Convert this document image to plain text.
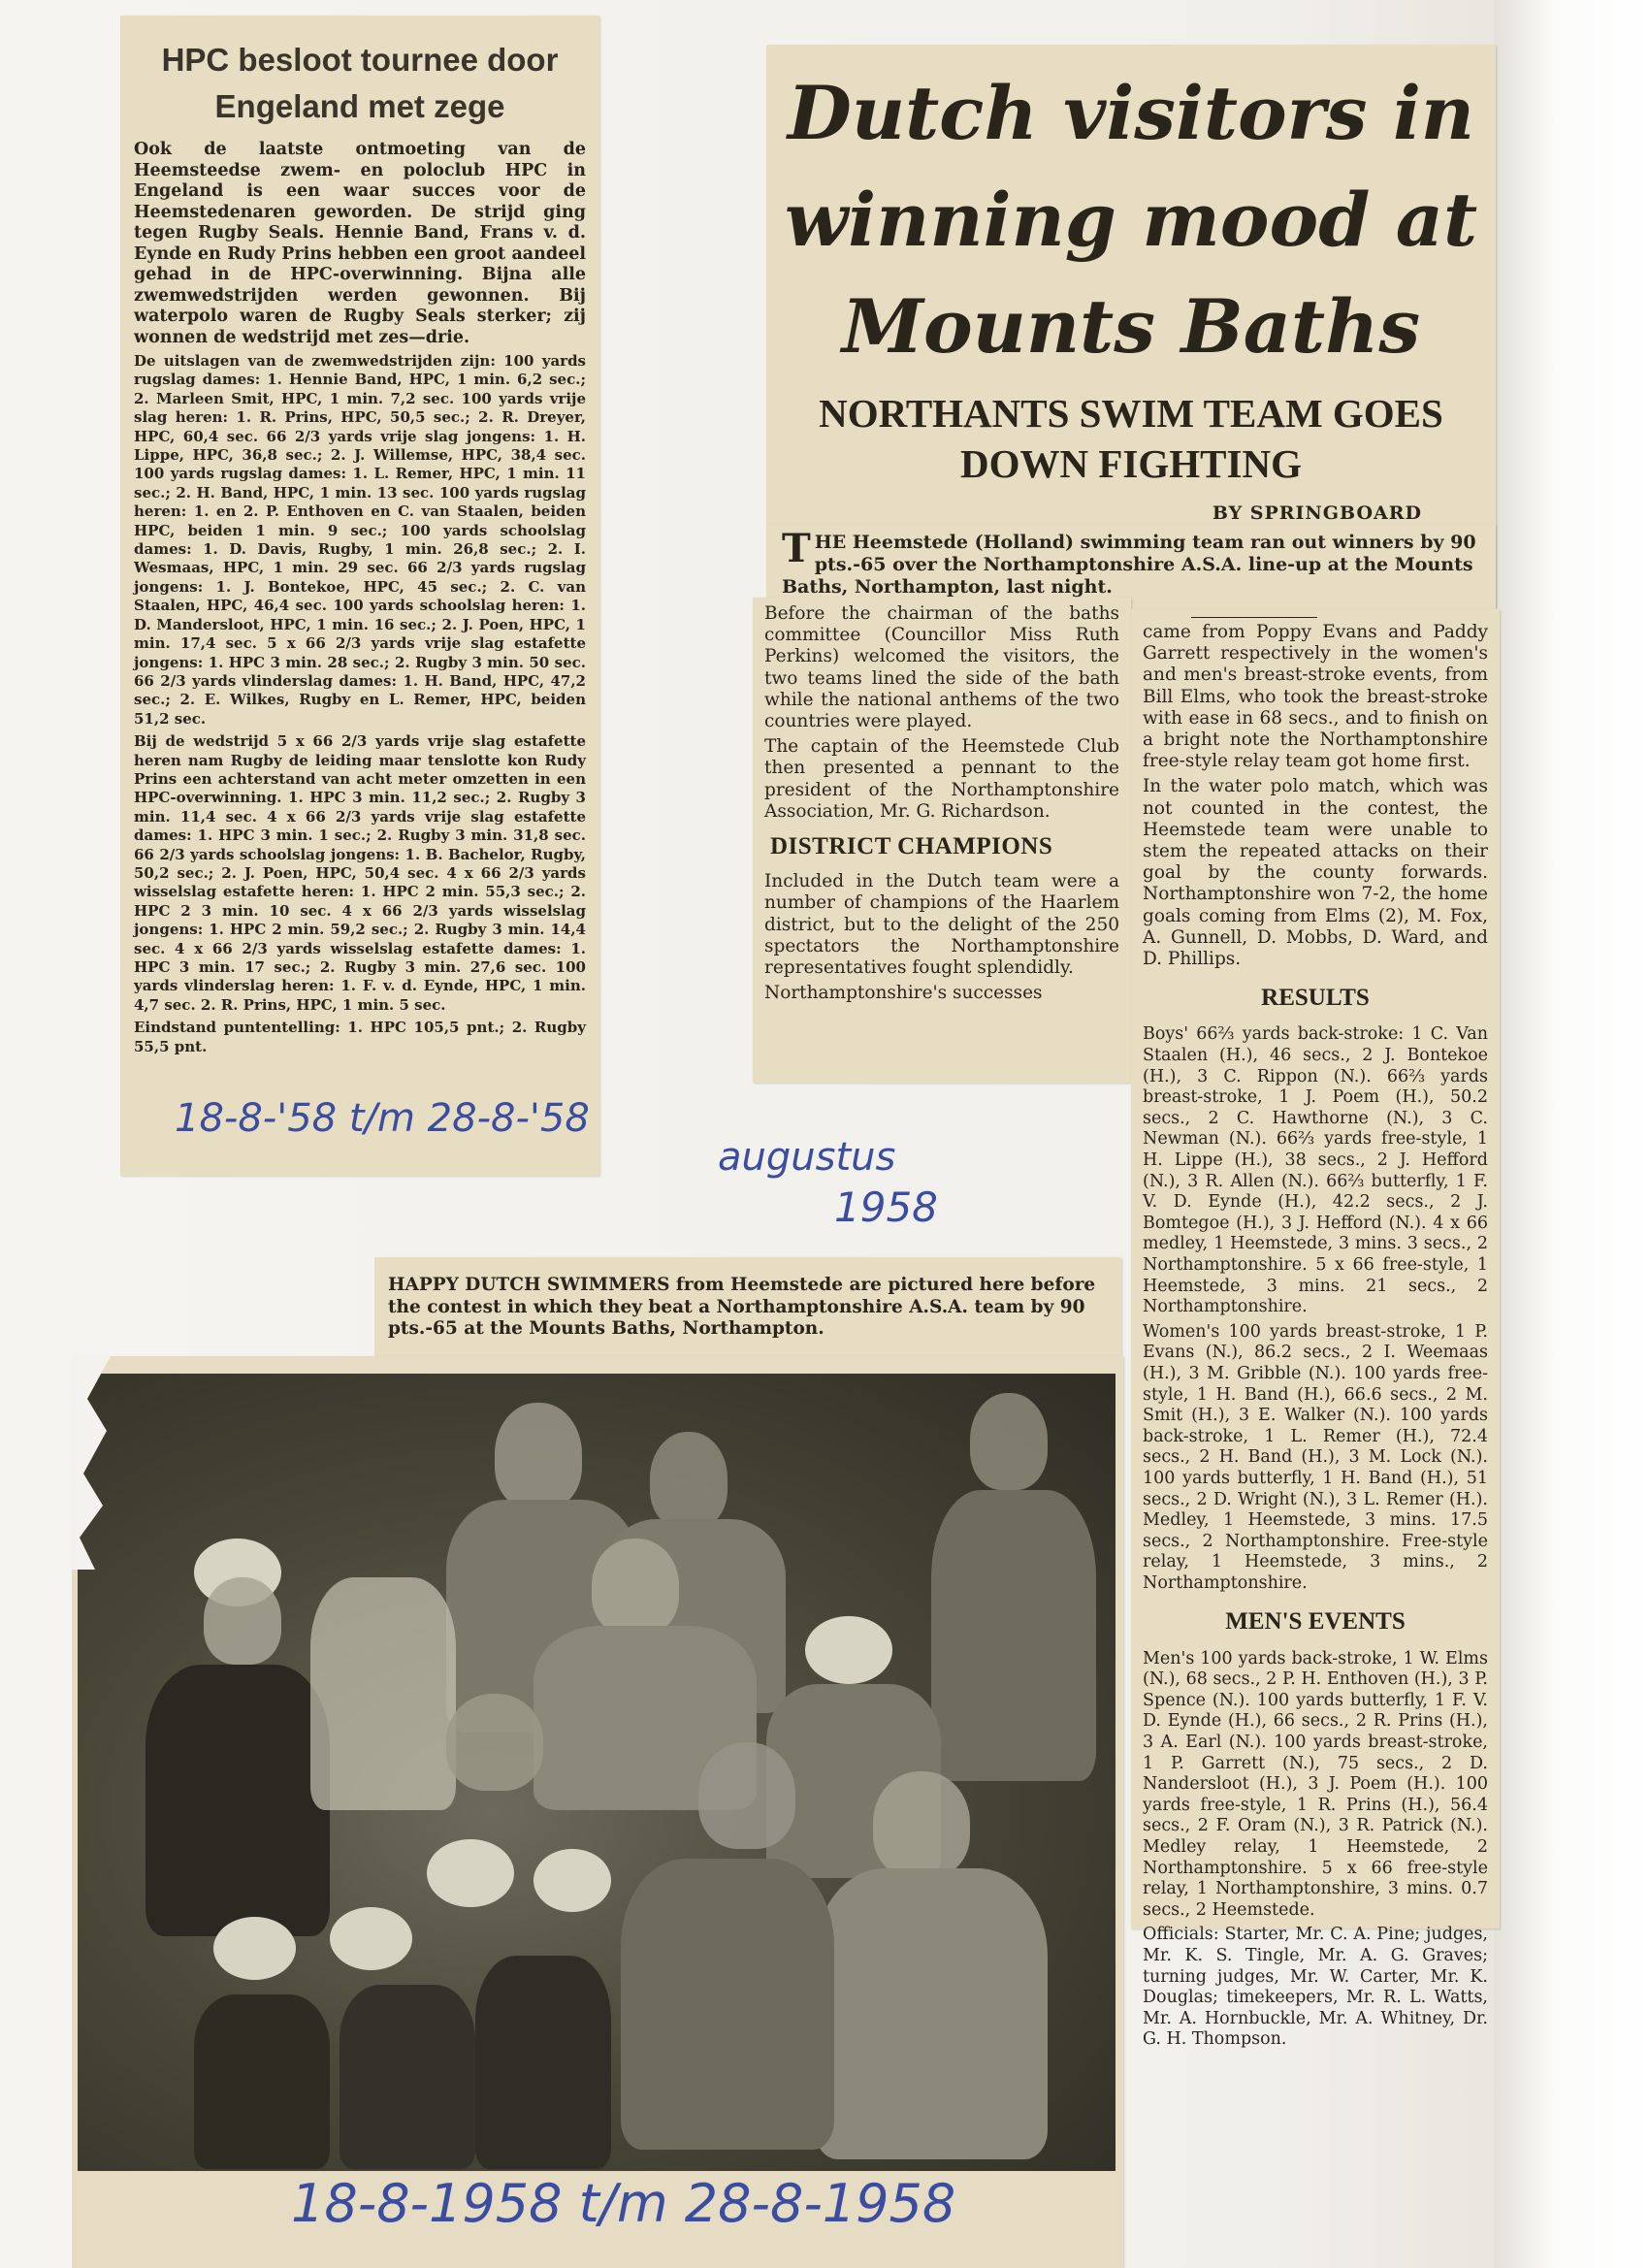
HPC besloot tournee door
Engeland met zege

Ook de laatste ontmoeting van de Heemsteedse zwem- en poloclub HPC in Engeland is een waar succes voor de Heemstedenaren geworden. De strijd ging tegen Rugby Seals. Hennie Band, Frans v. d. Eynde en Rudy Prins hebben een groot aandeel gehad in de HPC-overwinning. Bijna alle zwemwedstrijden werden gewonnen. Bij waterpolo waren de Rugby Seals sterker; zij wonnen de wedstrijd met zes—drie.

De uitslagen van de zwemwedstrijden zijn: 100 yards rugslag dames: 1. Hennie Band, HPC, 1 min. 6,2 sec.; 2. Marleen Smit, HPC, 1 min. 7,2 sec. 100 yards vrije slag heren: 1. R. Prins, HPC, 50,5 sec.; 2. R. Dreyer, HPC, 60,4 sec. 66 2/3 yards vrije slag jongens: 1. H. Lippe, HPC, 36,8 sec.; 2. J. Willemse, HPC, 38,4 sec. 100 yards rugslag dames: 1. L. Remer, HPC, 1 min. 11 sec.; 2. H. Band, HPC, 1 min. 13 sec. 100 yards rugslag heren: 1. en 2. P. Enthoven en C. van Staalen, beiden HPC, beiden 1 min. 9 sec.; 100 yards schoolslag dames: 1. D. Davis, Rugby, 1 min. 26,8 sec.; 2. I. Wesmaas, HPC, 1 min. 29 sec. 66 2/3 yards rugslag jongens: 1. J. Bontekoe, HPC, 45 sec.; 2. C. van Staalen, HPC, 46,4 sec. 100 yards schoolslag heren: 1. D. Mandersloot, HPC, 1 min. 16 sec.; 2. J. Poen, HPC, 1 min. 17,4 sec. 5 x 66 2/3 yards vrije slag estafette jongens: 1. HPC 3 min. 28 sec.; 2. Rugby 3 min. 50 sec. 66 2/3 yards vlinderslag dames: 1. H. Band, HPC, 47,2 sec.; 2. E. Wilkes, Rugby en L. Remer, HPC, beiden 51,2 sec.

Bij de wedstrijd 5 x 66 2/3 yards vrije slag estafette heren nam Rugby de leiding maar tenslotte kon Rudy Prins een achterstand van acht meter omzetten in een HPC-overwinning. 1. HPC 3 min. 11,2 sec.; 2. Rugby 3 min. 11,4 sec. 4 x 66 2/3 yards vrije slag estafette dames: 1. HPC 3 min. 1 sec.; 2. Rugby 3 min. 31,8 sec. 66 2/3 yards schoolslag jongens: 1. B. Bachelor, Rugby, 50,2 sec.; 2. J. Poen, HPC, 50,4 sec. 4 x 66 2/3 yards wisselslag estafette heren: 1. HPC 2 min. 55,3 sec.; 2. HPC 2 3 min. 10 sec. 4 x 66 2/3 yards wisselslag jongens: 1. HPC 2 min. 59,2 sec.; 2. Rugby 3 min. 14,4 sec. 4 x 66 2/3 yards wisselslag estafette dames: 1. HPC 3 min. 17 sec.; 2. Rugby 3 min. 27,6 sec. 100 yards vlinderslag heren: 1. F. v. d. Eynde, HPC, 1 min. 4,7 sec. 2. R. Prins, HPC, 1 min. 5 sec.

Eindstand puntentelling: 1. HPC 105,5 pnt.; 2. Rugby 55,5 pnt.

18-8-'58 t/m 28-8-'58
augustus
1958
Dutch visitors in
winning mood at
Mounts Baths
NORTHANTS SWIM TEAM GOES
DOWN FIGHTING
BY SPRINGBOARD
THE Heemstede (Holland) swimming team ran out winners by 90 pts.-65 over the Northamptonshire A.S.A. line-up at the Mounts Baths, Northampton, last night.

Before the chairman of the baths committee (Councillor Miss Ruth Perkins) welcomed the visitors, the two teams lined the side of the bath while the national anthems of the two countries were played.

The captain of the Heemstede Club then presented a pennant to the president of the Northamptonshire Association, Mr. G. Richardson.

DISTRICT CHAMPIONS

Included in the Dutch team were a number of champions of the Haarlem district, but to the delight of the 250 spectators the Northamptonshire representatives fought splendidly.

Northamptonshire's successes

came from Poppy Evans and Paddy Garrett respectively in the women's and men's breast-stroke events, from Bill Elms, who took the breast-stroke with ease in 68 secs., and to finish on a bright note the Northamptonshire free-style relay team got home first.

In the water polo match, which was not counted in the contest, the Heemstede team were unable to stem the repeated attacks on their goal by the county forwards. Northamptonshire won 7-2, the home goals coming from Elms (2), M. Fox, A. Gunnell, D. Mobbs, D. Ward, and D. Phillips.

RESULTS

Boys' 66⅔ yards back-stroke: 1 C. Van Staalen (H.), 46 secs., 2 J. Bontekoe (H.), 3 C. Rippon (N.). 66⅔ yards breast-stroke, 1 J. Poem (H.), 50.2 secs., 2 C. Hawthorne (N.), 3 C. Newman (N.). 66⅔ yards free-style, 1 H. Lippe (H.), 38 secs., 2 J. Hefford (N.), 3 R. Allen (N.). 66⅔ butterfly, 1 F. V. D. Eynde (H.), 42.2 secs., 2 J. Bomtegoe (H.), 3 J. Hefford (N.). 4 x 66 medley, 1 Heemstede, 3 mins. 3 secs., 2 Northamptonshire. 5 x 66 free-style, 1 Heemstede, 3 mins. 21 secs., 2 Northamptonshire.

Women's 100 yards breast-stroke, 1 P. Evans (N.), 86.2 secs., 2 I. Weemaas (H.), 3 M. Gribble (N.). 100 yards free-style, 1 H. Band (H.), 66.6 secs., 2 M. Smit (H.), 3 E. Walker (N.). 100 yards back-stroke, 1 L. Remer (H.), 72.4 secs., 2 H. Band (H.), 3 M. Lock (N.). 100 yards butterfly, 1 H. Band (H.), 51 secs., 2 D. Wright (N.), 3 L. Remer (H.). Medley, 1 Heemstede, 3 mins. 17.5 secs., 2 Northamptonshire. Free-style relay, 1 Heemstede, 3 mins., 2 Northamptonshire.

MEN'S EVENTS

Men's 100 yards back-stroke, 1 W. Elms (N.), 68 secs., 2 P. H. Enthoven (H.), 3 P. Spence (N.). 100 yards butterfly, 1 F. V. D. Eynde (H.), 66 secs., 2 R. Prins (H.), 3 A. Earl (N.). 100 yards breast-stroke, 1 P. Garrett (N.), 75 secs., 2 D. Nandersloot (H.), 3 J. Poem (H.). 100 yards free-style, 1 R. Prins (H.), 56.4 secs., 2 F. Oram (N.), 3 R. Patrick (N.). Medley relay, 1 Heemstede, 2 Northamptonshire. 5 x 66 free-style relay, 1 Northamptonshire, 3 mins. 0.7 secs., 2 Heemstede.

Officials: Starter, Mr. C. A. Pine; judges, Mr. K. S. Tingle, Mr. A. G. Graves; turning judges, Mr. W. Carter, Mr. K. Douglas; timekeepers, Mr. R. L. Watts, Mr. A. Hornbuckle, Mr. A. Whitney, Dr. G. H. Thompson.

HAPPY DUTCH SWIMMERS from Heemstede are pictured here before the contest in which they beat a Northamptonshire A.S.A. team by 90 pts.-65 at the Mounts Baths, Northampton.
18-8-1958 t/m 28-8-1958
